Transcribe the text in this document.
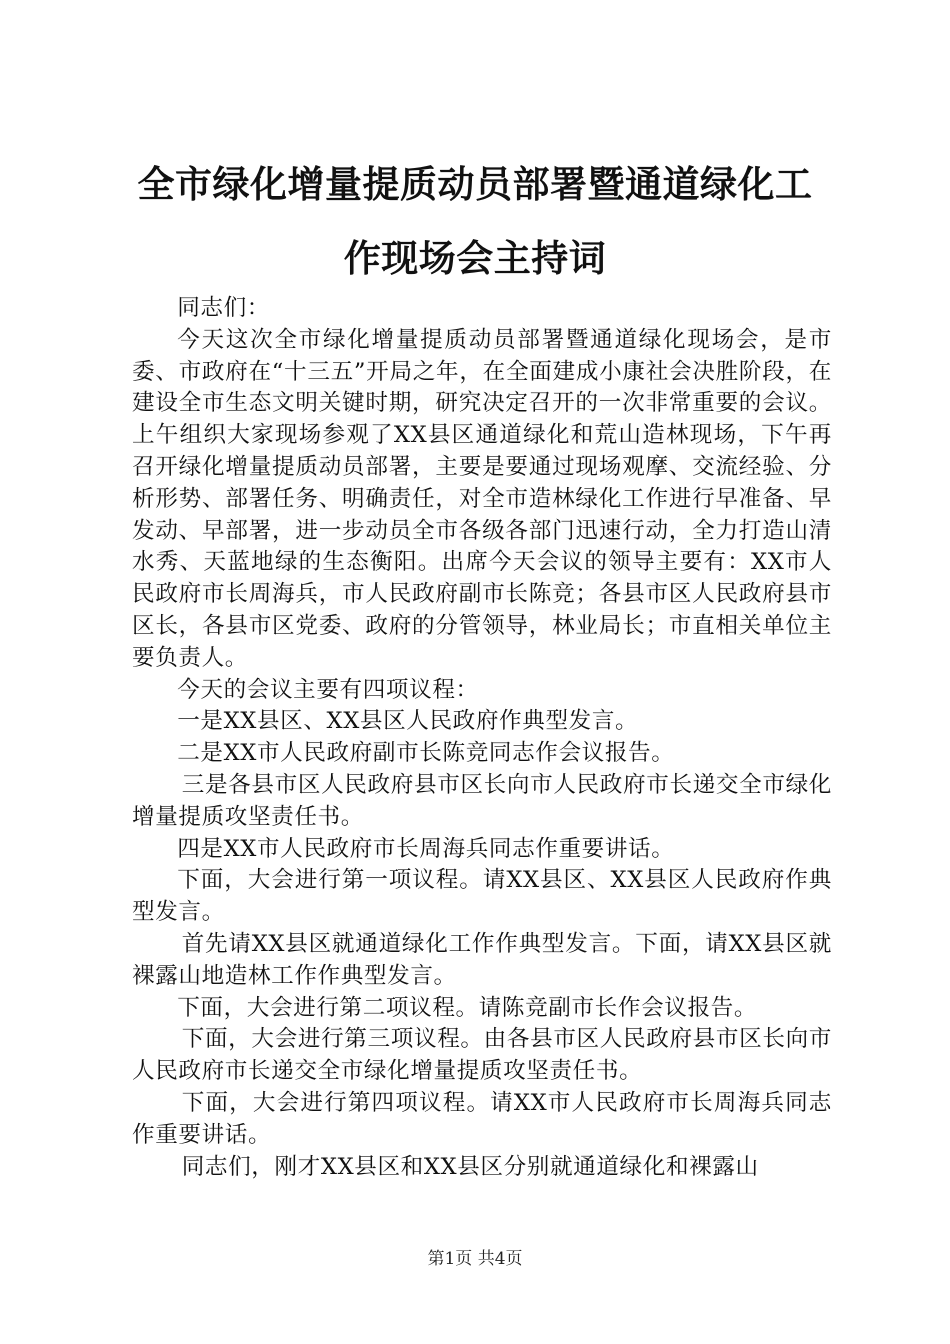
全市绿化增量提质动员部署暨通道绿化工作现场会主持词

同志们：

今天这次全市绿化增量提质动员部署暨通道绿化现场会，是市委、市政府在“十三五”开局之年，在全面建成小康社会决胜阶段，在建设全市生态文明关键时期，研究决定召开的一次非常重要的会议。上午组织大家现场参观了XX县区通道绿化和荒山造林现场，下午再召开绿化增量提质动员部署，主要是要通过现场观摩、交流经验、分析形势、部署任务、明确责任，对全市造林绿化工作进行早准备、早发动、早部署，进一步动员全市各级各部门迅速行动，全力打造山清水秀、天蓝地绿的生态衡阳。出席今天会议的领导主要有：XX市人民政府市长周海兵，市人民政府副市长陈竞；各县市区人民政府县市区长，各县市区党委、政府的分管领导，林业局长；市直相关单位主要负责人。

今天的会议主要有四项议程：

一是XX县区、XX县区人民政府作典型发言。

二是XX市人民政府副市长陈竞同志作会议报告。

三是各县市区人民政府县市区长向市人民政府市长递交全市绿化增量提质攻坚责任书。

四是XX市人民政府市长周海兵同志作重要讲话。

下面，大会进行第一项议程。请XX县区、XX县区人民政府作典型发言。

首先请XX县区就通道绿化工作作典型发言。下面，请XX县区就裸露山地造林工作作典型发言。

下面，大会进行第二项议程。请陈竞副市长作会议报告。

下面，大会进行第三项议程。由各县市区人民政府县市区长向市人民政府市长递交全市绿化增量提质攻坚责任书。

下面，大会进行第四项议程。请XX市人民政府市长周海兵同志作重要讲话。

同志们，刚才XX县区和XX县区分别就通道绿化和裸露山

第1页 共4页
